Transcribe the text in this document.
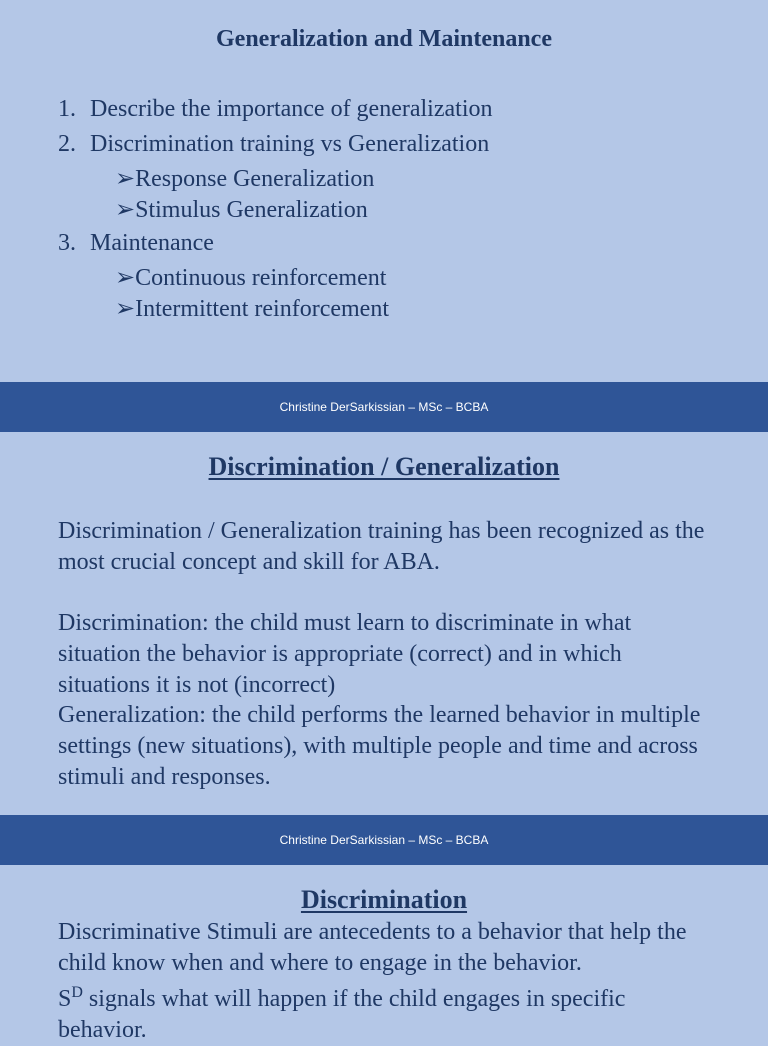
Generalization and Maintenance
1. Describe the importance of generalization
2. Discrimination training vs Generalization
➢Response Generalization
➢Stimulus Generalization
3. Maintenance
➢Continuous reinforcement
➢Intermittent reinforcement
Christine DerSarkissian – MSc – BCBA
Discrimination / Generalization

Discrimination / Generalization training has been recognized as the most crucial concept and skill for ABA.

Discrimination: the child must learn to discriminate in what situation the behavior is appropriate (correct) and in which situations it is not (incorrect)

Generalization: the child performs the learned behavior in multiple settings (new situations), with multiple people and time and across stimuli and responses.

Christine DerSarkissian – MSc – BCBA
Discrimination

Discriminative Stimuli are antecedents to a behavior that help the child know when and where to engage in the behavior.

$S^D$ signals what will happen if the child engages in specific behavior.
